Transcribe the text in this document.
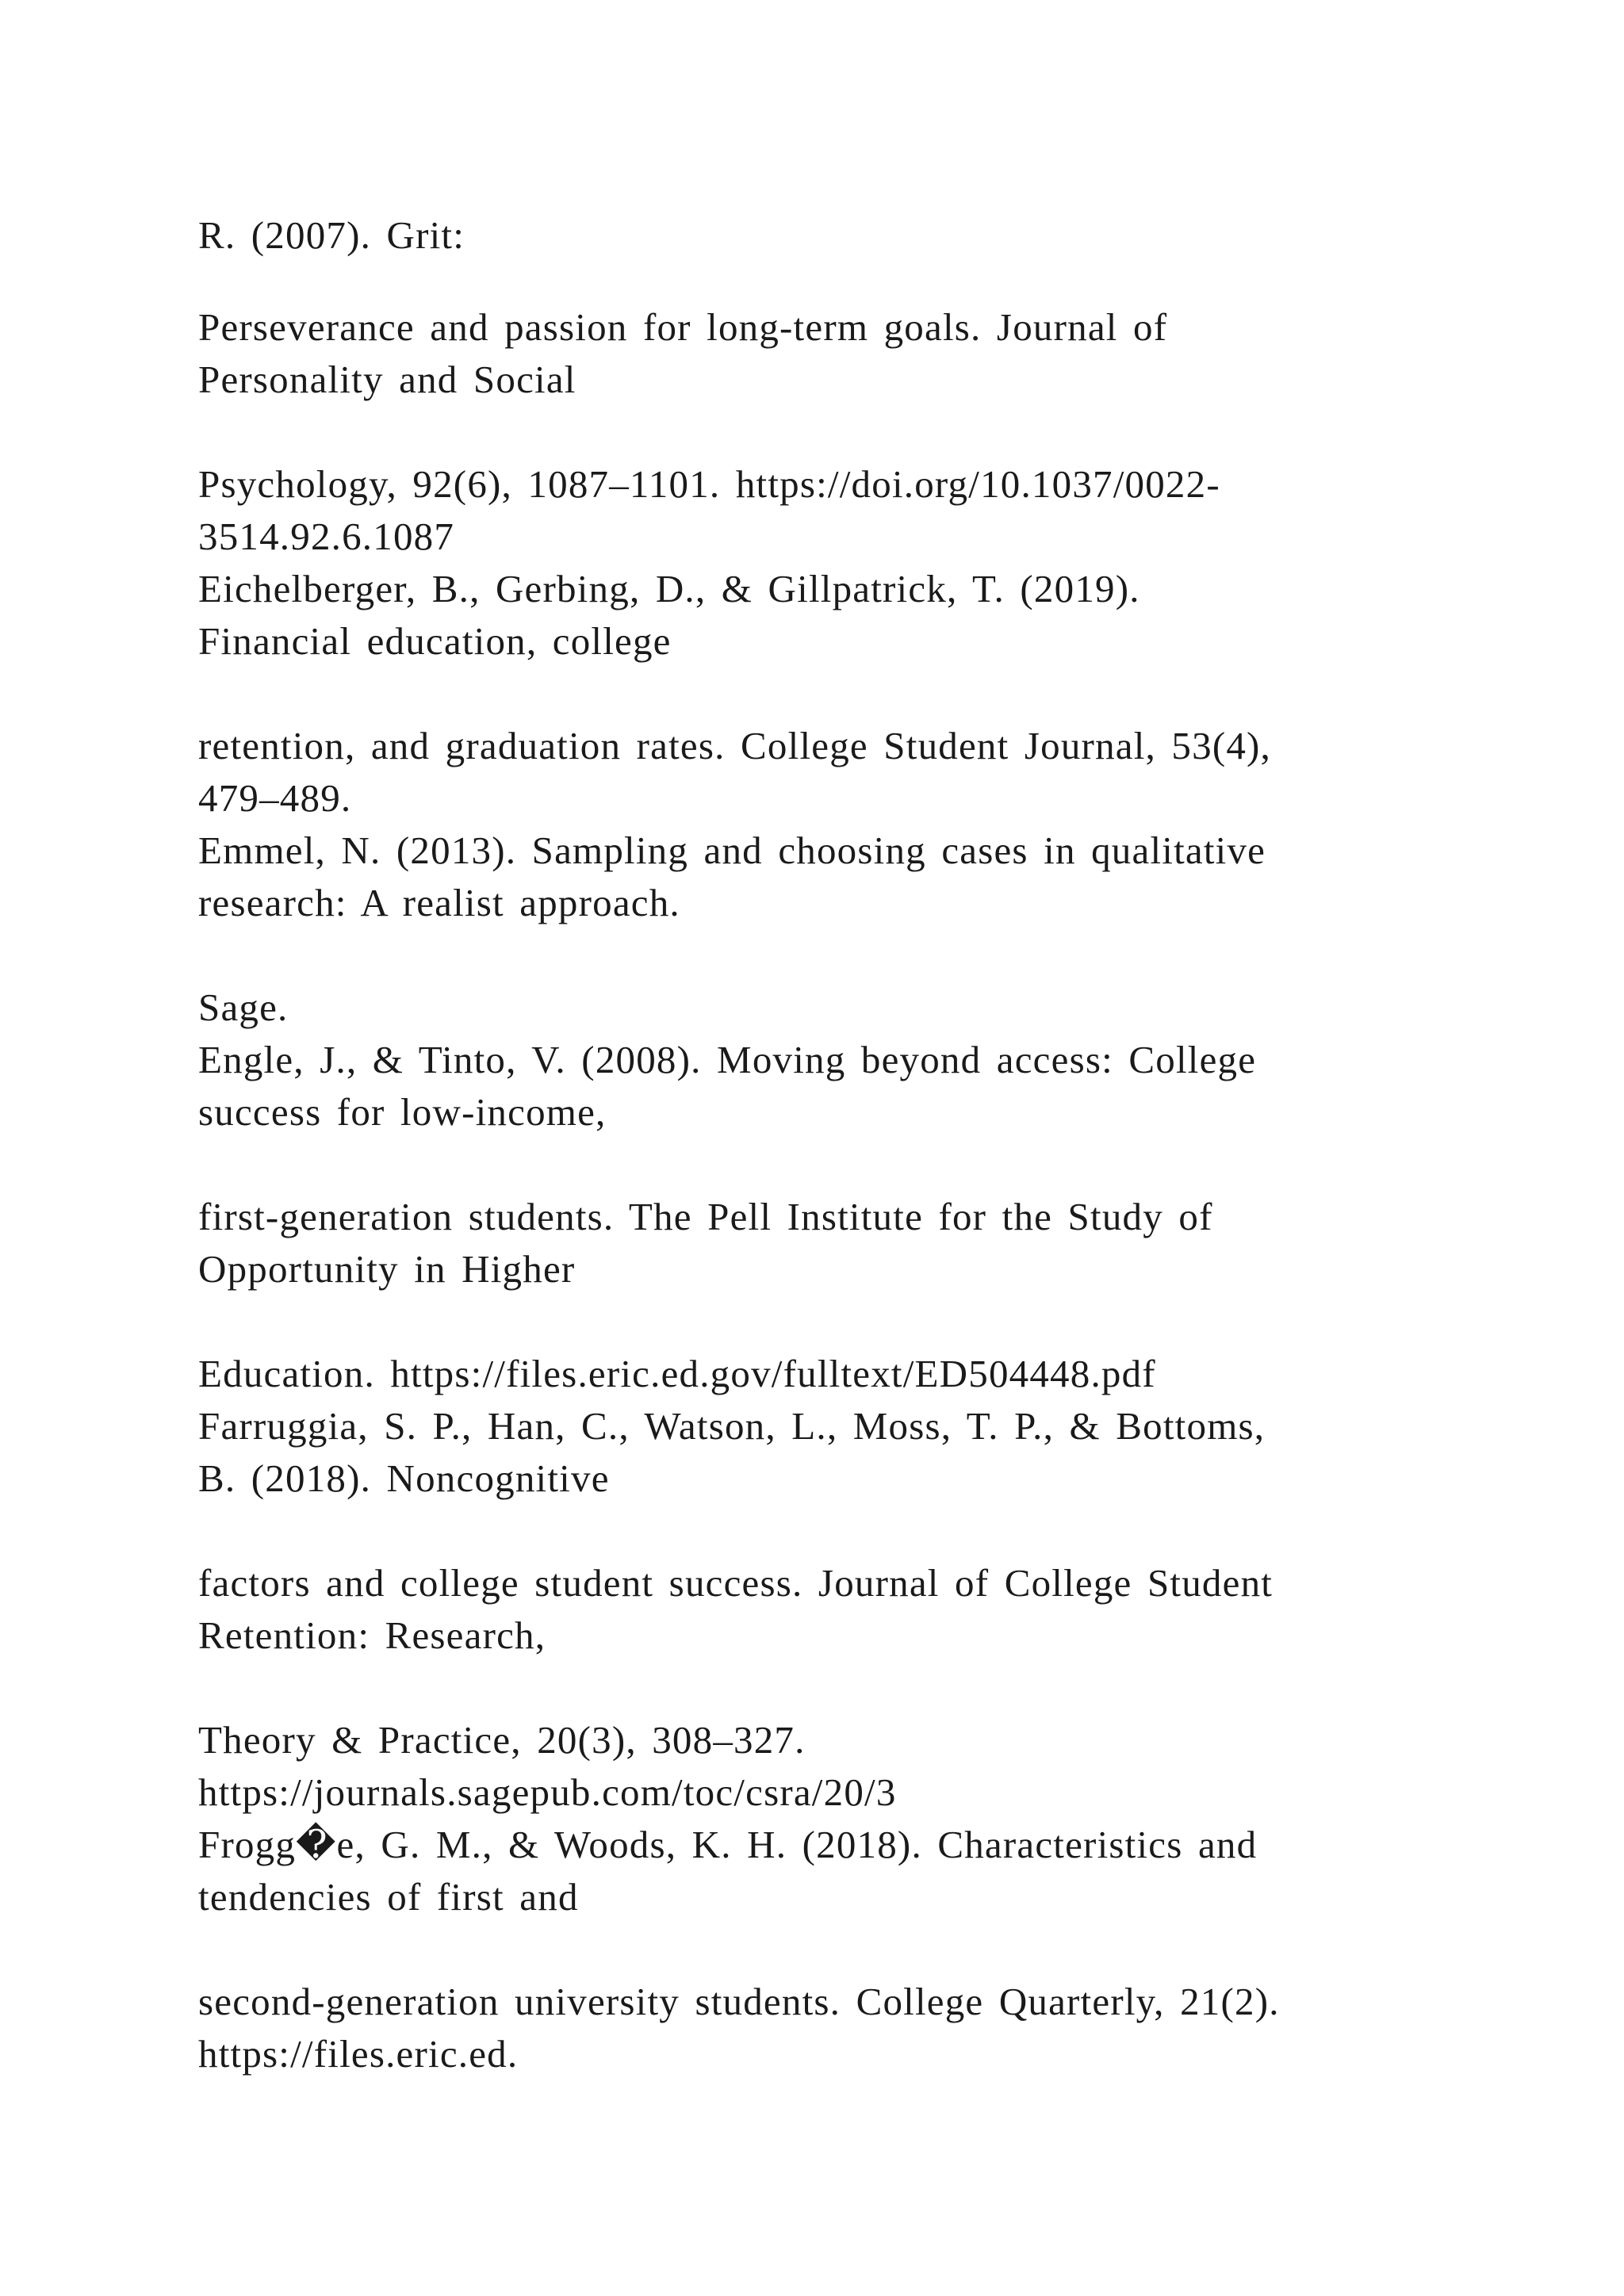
R. (2007). Grit:
Perseverance and passion for long-term goals. Journal of
Personality and Social
Psychology, 92(6), 1087–1101. https://doi.org/10.1037/0022-
3514.92.6.1087
Eichelberger, B., Gerbing, D., & Gillpatrick, T. (2019).
Financial education, college
retention, and graduation rates. College Student Journal, 53(4),
479–489.
Emmel, N. (2013). Sampling and choosing cases in qualitative
research: A realist approach.
Sage.
Engle, J., & Tinto, V. (2008). Moving beyond access: College
success for low-income,
first-generation students. The Pell Institute for the Study of
Opportunity in Higher
Education. https://files.eric.ed.gov/fulltext/ED504448.pdf
Farruggia, S. P., Han, C., Watson, L., Moss, T. P., & Bottoms,
B. (2018). Noncognitive
factors and college student success. Journal of College Student
Retention: Research,
Theory & Practice, 20(3), 308–327.
https://journals.sagepub.com/toc/csra/20/3
Frogg�e, G. M., & Woods, K. H. (2018). Characteristics and
tendencies of first and
second-generation university students. College Quarterly, 21(2).
https://files.eric.ed.
